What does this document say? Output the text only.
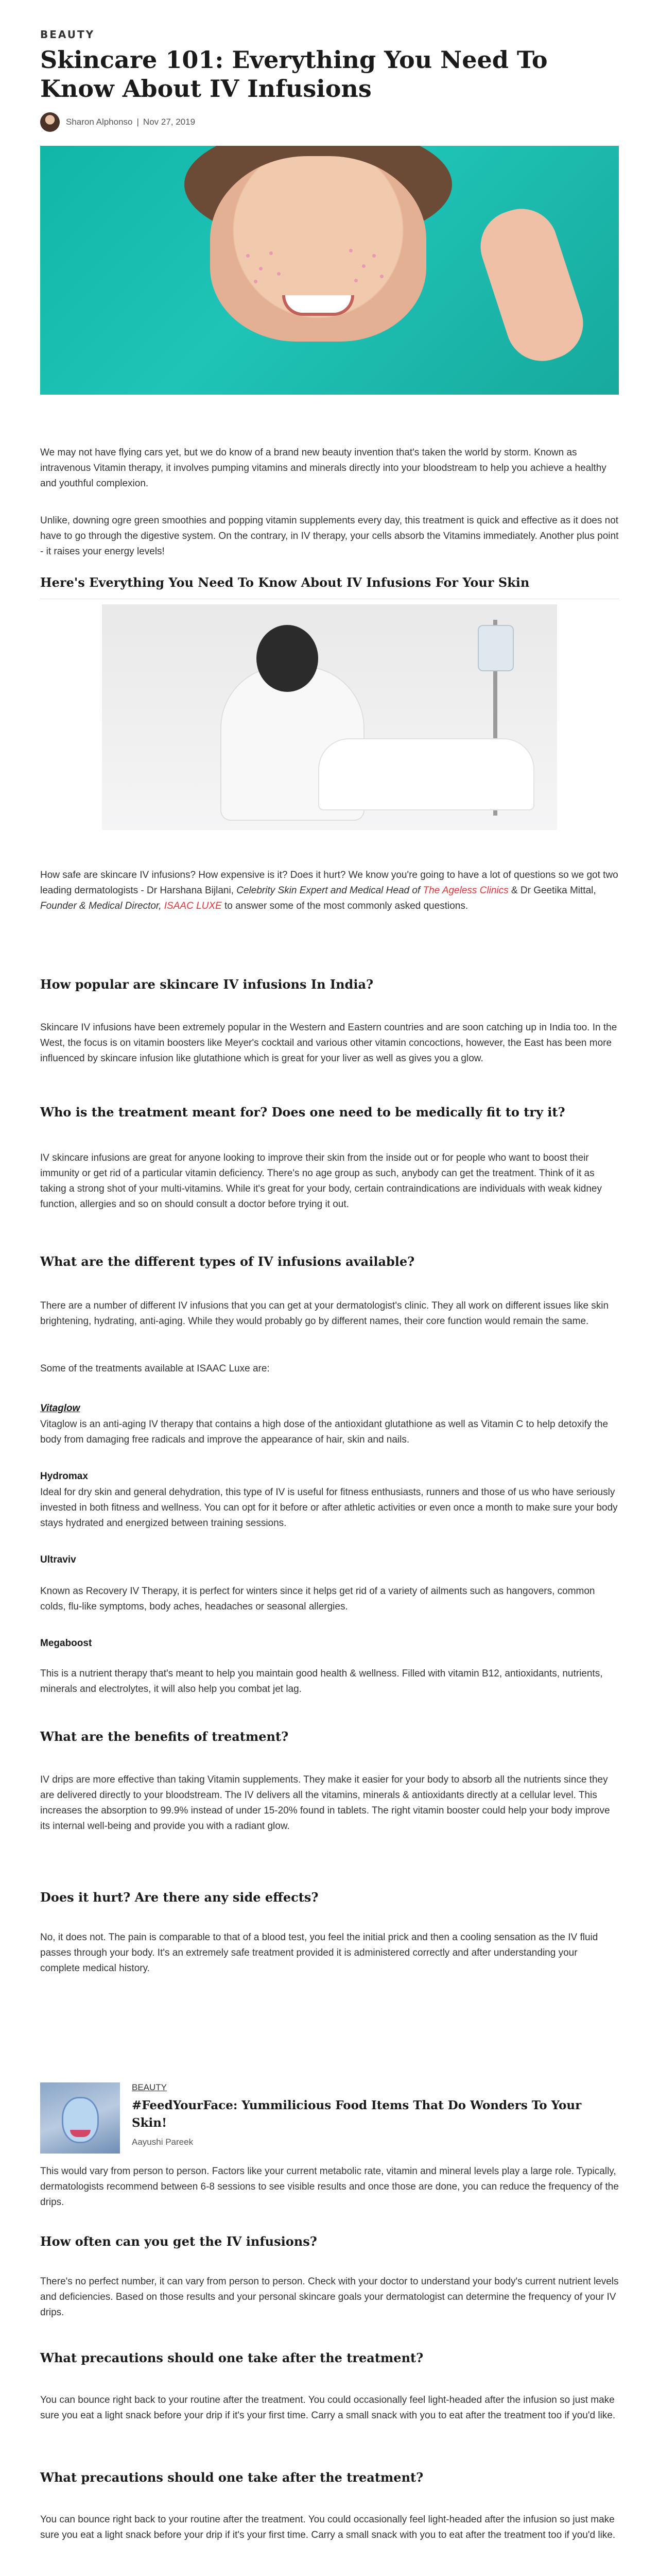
BEAUTY
Skincare 101: Everything You Need To Know About IV Infusions
Sharon Alphonso | Nov 27, 2019

We may not have flying cars yet, but we do know of a brand new beauty invention that's taken the world by storm. Known as intravenous Vitamin therapy, it involves pumping vitamins and minerals directly into your bloodstream to help you achieve a healthy and youthful complexion.

Unlike, downing ogre green smoothies and popping vitamin supplements every day, this treatment is quick and effective as it does not have to go through the digestive system. On the contrary, in IV therapy, your cells absorb the Vitamins immediately. Another plus point - it raises your energy levels!

Here's Everything You Need To Know About IV Infusions For Your Skin

How safe are skincare IV infusions? How expensive is it? Does it hurt? We know you're going to have a lot of questions so we got two leading dermatologists - Dr Harshana Bijlani, Celebrity Skin Expert and Medical Head of The Ageless Clinics & Dr Geetika Mittal, Founder & Medical Director, ISAAC LUXE to answer some of the most commonly asked questions.

How popular are skincare IV infusions In India?

Skincare IV infusions have been extremely popular in the Western and Eastern countries and are soon catching up in India too. In the West, the focus is on vitamin boosters like Meyer's cocktail and various other vitamin concoctions, however, the East has been more influenced by skincare infusion like glutathione which is great for your liver as well as gives you a glow.

Who is the treatment meant for? Does one need to be medically fit to try it?

IV skincare infusions are great for anyone looking to improve their skin from the inside out or for people who want to boost their immunity or get rid of a particular vitamin deficiency. There's no age group as such, anybody can get the treatment. Think of it as taking a strong shot of your multi-vitamins. While it's great for your body, certain contraindications are individuals with weak kidney function, allergies and so on should consult a doctor before trying it out.

What are the different types of IV infusions available?

There are a number of different IV infusions that you can get at your dermatologist's clinic. They all work on different issues like skin brightening, hydrating, anti-aging. While they would probably go by different names, their core function would remain the same.

Some of the treatments available at ISAAC Luxe are:

Vitaglow

Vitaglow is an anti-aging IV therapy that contains a high dose of the antioxidant glutathione as well as Vitamin C to help detoxify the body from damaging free radicals and improve the appearance of hair, skin and nails.

Hydromax

Ideal for dry skin and general dehydration, this type of IV is useful for fitness enthusiasts, runners and those of us who have seriously invested in both fitness and wellness. You can opt for it before or after athletic activities or even once a month to make sure your body stays hydrated and energized between training sessions.

Ultraviv

Known as Recovery IV Therapy, it is perfect for winters since it helps get rid of a variety of ailments such as hangovers, common colds, flu-like symptoms, body aches, headaches or seasonal allergies.

Megaboost

This is a nutrient therapy that's meant to help you maintain good health & wellness. Filled with vitamin B12, antioxidants, nutrients, minerals and electrolytes, it will also help you combat jet lag.

What are the benefits of treatment?

IV drips are more effective than taking Vitamin supplements. They make it easier for your body to absorb all the nutrients since they are delivered directly to your bloodstream. The IV delivers all the vitamins, minerals & antioxidants directly at a cellular level. This increases the absorption to 99.9% instead of under 15-20% found in tablets. The right vitamin booster could help your body improve its internal well-being and provide you with a radiant glow.

Does it hurt? Are there any side effects?

No, it does not. The pain is comparable to that of a blood test, you feel the initial prick and then a cooling sensation as the IV fluid passes through your body. It's an extremely safe treatment provided it is administered correctly and after understanding your complete medical history.

BEAUTY
#FeedYourFace: Yummilicious Food Items That Do Wonders To Your Skin!
Aayushi Pareek

This would vary from person to person. Factors like your current metabolic rate, vitamin and mineral levels play a large role. Typically, dermatologists recommend between 6-8 sessions to see visible results and once those are done, you can reduce the frequency of the drips.

How often can you get the IV infusions?

There's no perfect number, it can vary from person to person. Check with your doctor to understand your body's current nutrient levels and deficiencies. Based on those results and your personal skincare goals your dermatologist can determine the frequency of your IV drips.

What precautions should one take after the treatment?

You can bounce right back to your routine after the treatment. You could occasionally feel light-headed after the infusion so just make sure you eat a light snack before your drip if it's your first time. Carry a small snack with you to eat after the treatment too if you'd like.

What precautions should one take after the treatment?

You can bounce right back to your routine after the treatment. You could occasionally feel light-headed after the infusion so just make sure you eat a light snack before your drip if it's your first time. Carry a small snack with you to eat after the treatment too if you'd like.
